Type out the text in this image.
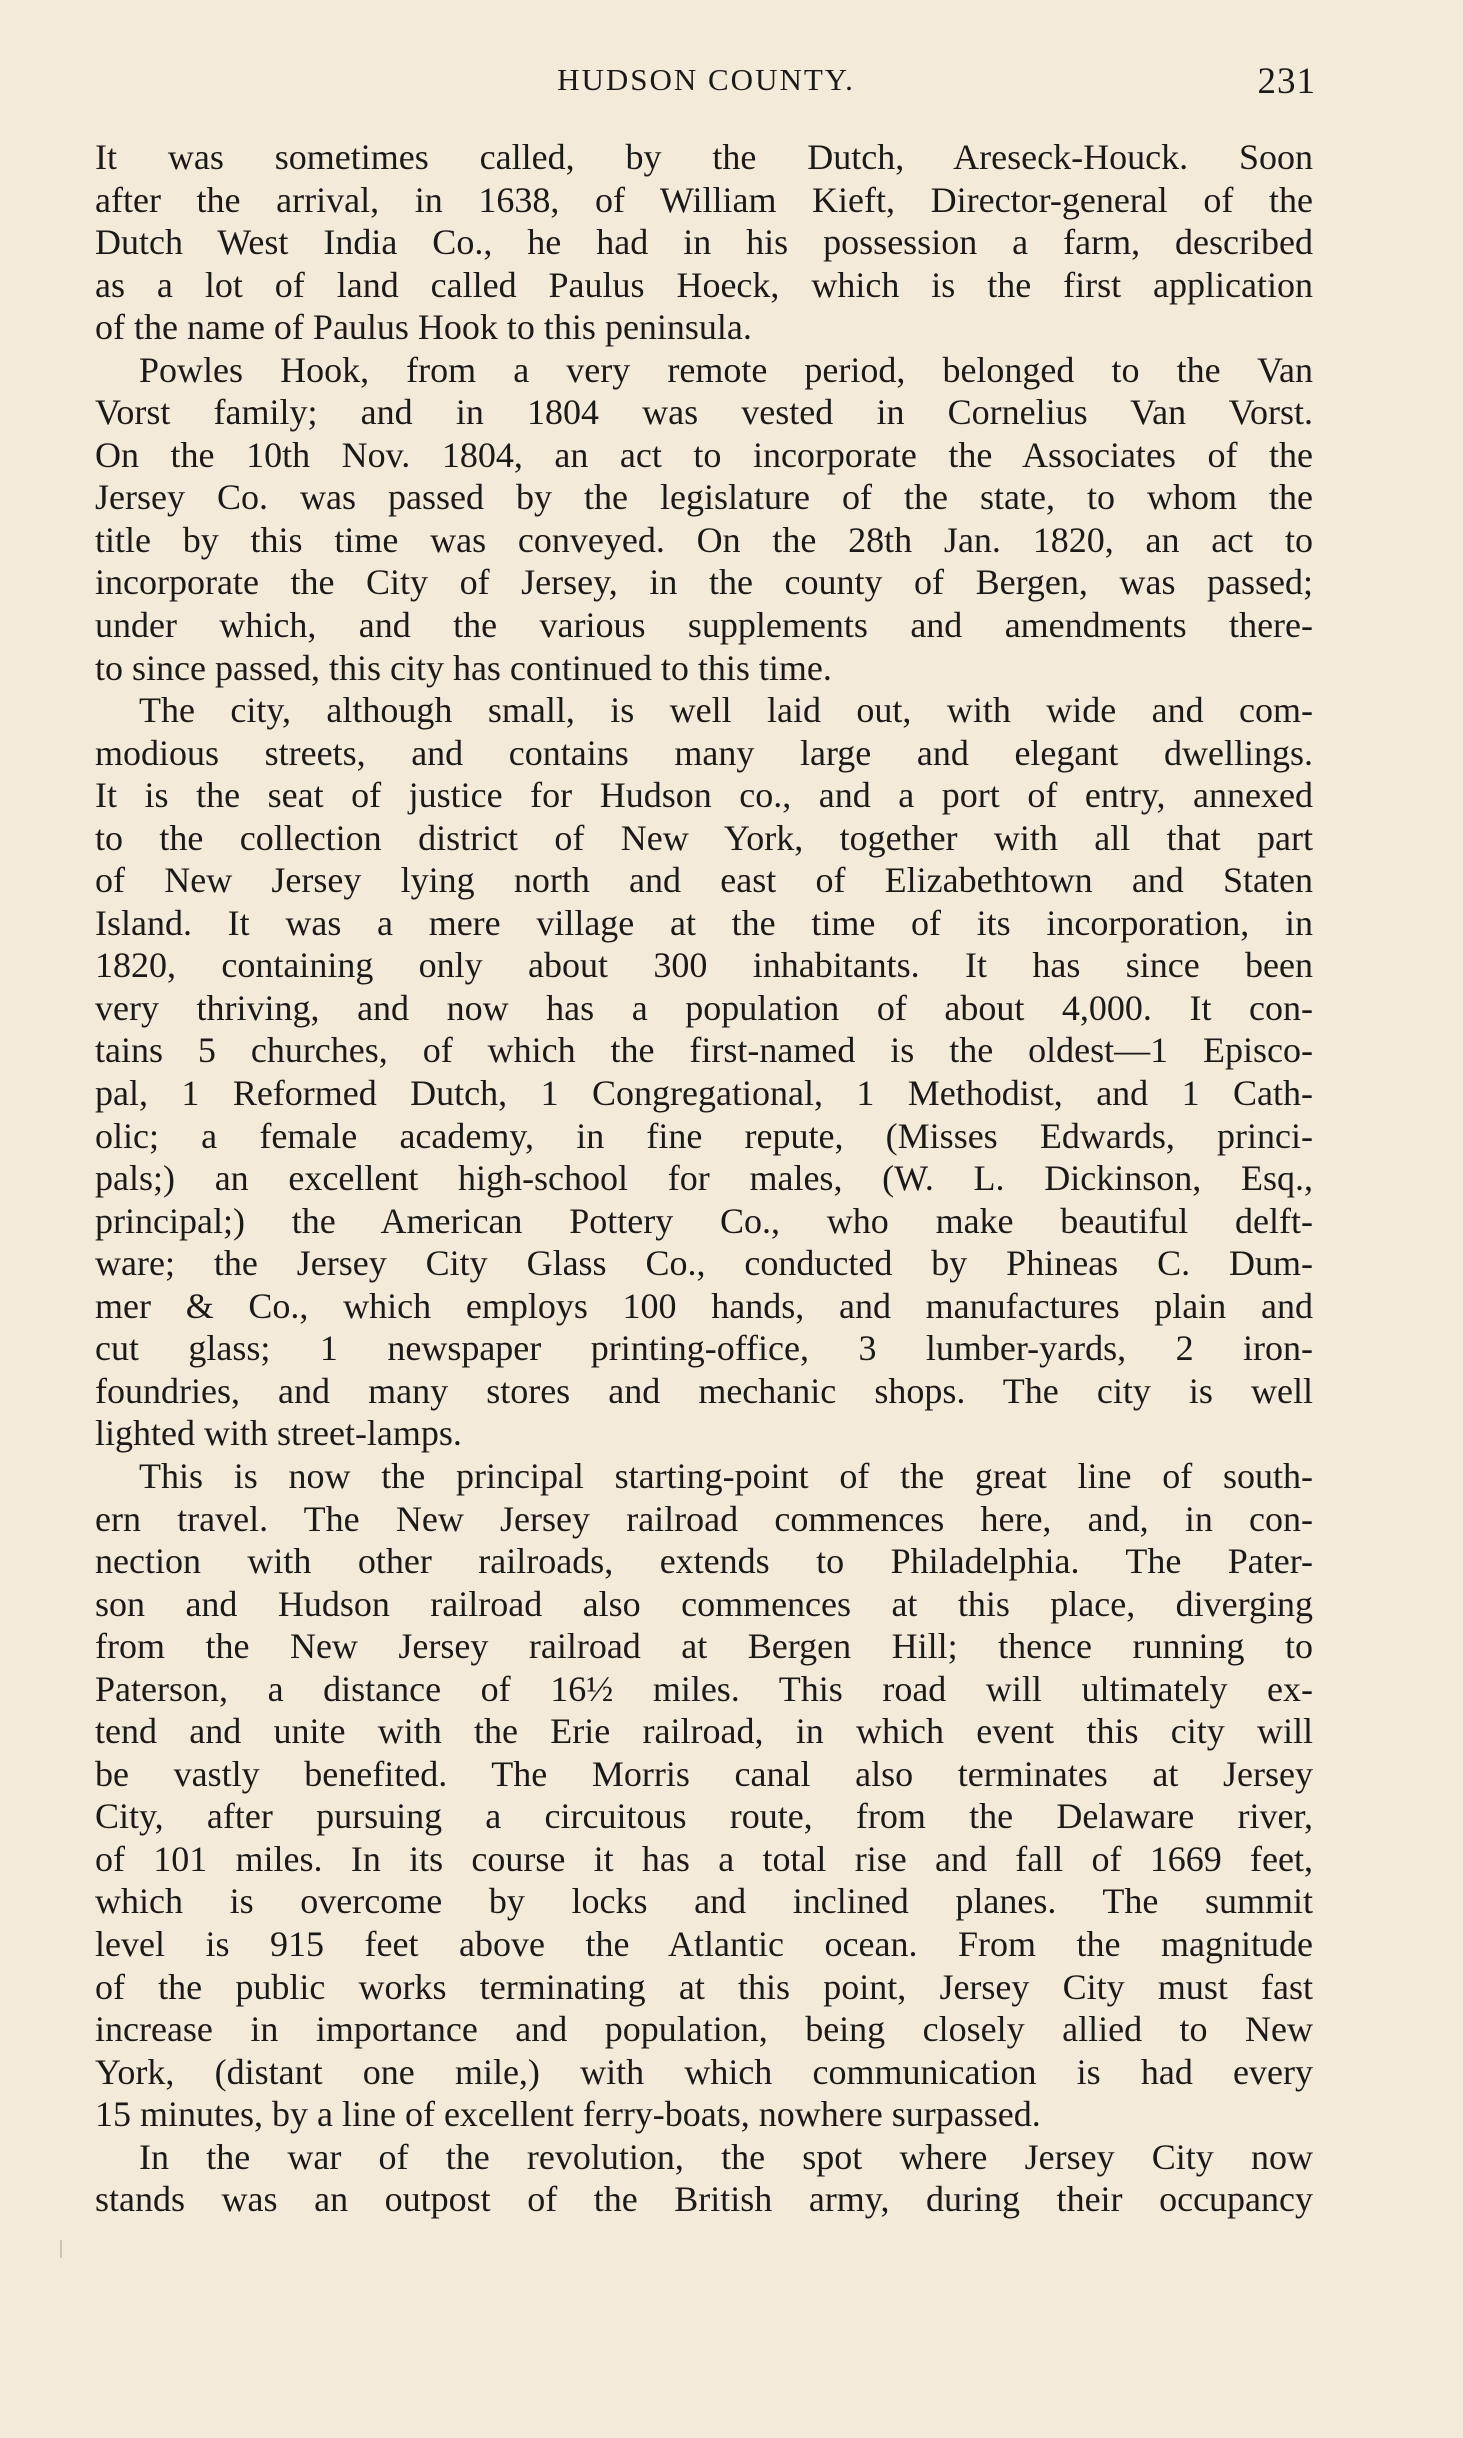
HUDSON COUNTY.	231
It was sometimes called, by the Dutch, Areseck-Houck. Soon
after the arrival, in 1638, of William Kieft, Director-general of the
Dutch West India Co., he had in his possession a farm, described
as a lot of land called Paulus Hoeck, which is the first application
of the name of Paulus Hook to this peninsula.
Powles Hook, from a very remote period, belonged to the Van
Vorst family; and in 1804 was vested in Cornelius Van Vorst.
On the 10th Nov. 1804, an act to incorporate the Associates of the
Jersey Co. was passed by the legislature of the state, to whom the
title by this time was conveyed. On the 28th Jan. 1820, an act to
incorporate the City of Jersey, in the county of Bergen, was passed;
under which, and the various supplements and amendments there-
to since passed, this city has continued to this time.
The city, although small, is well laid out, with wide and com-
modious streets, and contains many large and elegant dwellings.
It is the seat of justice for Hudson co., and a port of entry, annexed
to the collection district of New York, together with all that part
of New Jersey lying north and east of Elizabethtown and Staten
Island. It was a mere village at the time of its incorporation, in
1820, containing only about 300 inhabitants. It has since been
very thriving, and now has a population of about 4,000. It con-
tains 5 churches, of which the first-named is the oldest—1 Episco-
pal, 1 Reformed Dutch, 1 Congregational, 1 Methodist, and 1 Cath-
olic; a female academy, in fine repute, (Misses Edwards, princi-
pals;) an excellent high-school for males, (W. L. Dickinson, Esq.,
principal;) the American Pottery Co., who make beautiful delft-
ware; the Jersey City Glass Co., conducted by Phineas C. Dum-
mer & Co., which employs 100 hands, and manufactures plain and
cut glass; 1 newspaper printing-office, 3 lumber-yards, 2 iron-
foundries, and many stores and mechanic shops. The city is well
lighted with street-lamps.
This is now the principal starting-point of the great line of south-
ern travel. The New Jersey railroad commences here, and, in con-
nection with other railroads, extends to Philadelphia. The Pater-
son and Hudson railroad also commences at this place, diverging
from the New Jersey railroad at Bergen Hill; thence running to
Paterson, a distance of 16½ miles. This road will ultimately ex-
tend and unite with the Erie railroad, in which event this city will
be vastly benefited. The Morris canal also terminates at Jersey
City, after pursuing a circuitous route, from the Delaware river,
of 101 miles. In its course it has a total rise and fall of 1669 feet,
which is overcome by locks and inclined planes. The summit
level is 915 feet above the Atlantic ocean. From the magnitude
of the public works terminating at this point, Jersey City must fast
increase in importance and population, being closely allied to New
York, (distant one mile,) with which communication is had every
15 minutes, by a line of excellent ferry-boats, nowhere surpassed.
In the war of the revolution, the spot where Jersey City now
stands was an outpost of the British army, during their occupancy
